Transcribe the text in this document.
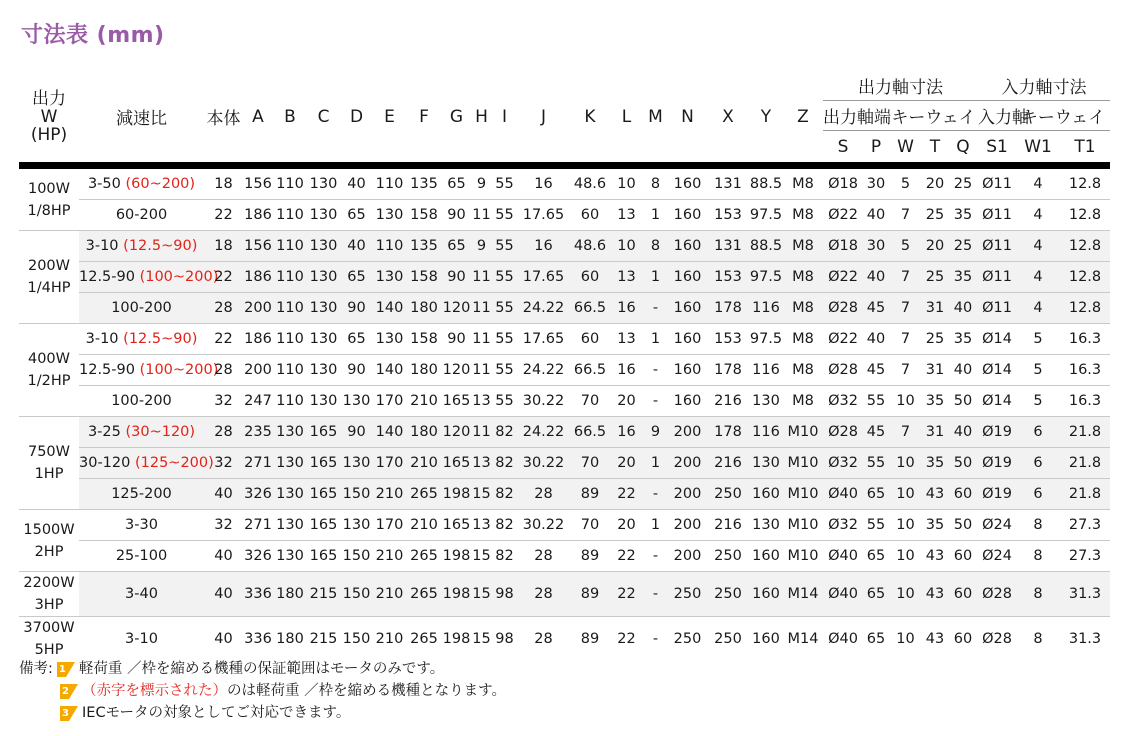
寸法表 (mm)
出力
W
(HP)	減速比	本体	A	B	C	D	E	F	G	H	I	J	K	L	M	N	X	Y	Z	出力軸寸法					入力軸寸法		
																				出力軸端		キーウェイ			入力軸	キーウェイ	
																				S	P	W	T	Q	S1	W1	T1

100W
1/8HP	3-50 (60~200)	18	156	110	130	40	110	135	65	9	55	16	48.6	10	8	160	131	88.5	M8	Ø18	30	5	20	25	Ø11	4	12.8
	60-200	22	186	110	130	65	130	158	90	11	55	17.65	60	13	1	160	153	97.5	M8	Ø22	40	7	25	35	Ø11	4	12.8

200W
1/4HP	3-10 (12.5~90)	18	156	110	130	40	110	135	65	9	55	16	48.6	10	8	160	131	88.5	M8	Ø18	30	5	20	25	Ø11	4	12.8
	12.5-90 (100~200)	22	186	110	130	65	130	158	90	11	55	17.65	60	13	1	160	153	97.5	M8	Ø22	40	7	25	35	Ø11	4	12.8
	100-200	28	200	110	130	90	140	180	120	11	55	24.22	66.5	16	-	160	178	116	M8	Ø28	45	7	31	40	Ø11	4	12.8

400W
1/2HP	3-10 (12.5~90)	22	186	110	130	65	130	158	90	11	55	17.65	60	13	1	160	153	97.5	M8	Ø22	40	7	25	35	Ø14	5	16.3
	12.5-90 (100~200)	28	200	110	130	90	140	180	120	11	55	24.22	66.5	16	-	160	178	116	M8	Ø28	45	7	31	40	Ø14	5	16.3
	100-200	32	247	110	130	130	170	210	165	13	55	30.22	70	20	-	160	216	130	M8	Ø32	55	10	35	50	Ø14	5	16.3

750W
1HP	3-25 (30~120)	28	235	130	165	90	140	180	120	11	82	24.22	66.5	16	9	200	178	116	M10	Ø28	45	7	31	40	Ø19	6	21.8
	30-120 (125~200)	32	271	130	165	130	170	210	165	13	82	30.22	70	20	1	200	216	130	M10	Ø32	55	10	35	50	Ø19	6	21.8
	125-200	40	326	130	165	150	210	265	198	15	82	28	89	22	-	200	250	160	M10	Ø40	65	10	43	60	Ø19	6	21.8

1500W
2HP	3-30	32	271	130	165	130	170	210	165	13	82	30.22	70	20	1	200	216	130	M10	Ø32	55	10	35	50	Ø24	8	27.3
	25-100	40	326	130	165	150	210	265	198	15	82	28	89	22	-	200	250	160	M10	Ø40	65	10	43	60	Ø24	8	27.3

2200W
3HP	3-40	40	336	180	215	150	210	265	198	15	98	28	89	22	-	250	250	160	M14	Ø40	65	10	43	60	Ø28	8	31.3

3700W
5HP	3-10	40	336	180	215	150	210	265	198	15	98	28	89	22	-	250	250	160	M14	Ø40	65	10	43	60	Ø28	8	31.3
備考: 1 軽荷重 ／枠を縮める機種の保証範囲はモータのみです。
2 （赤字を標示された） のは軽荷重 ／枠を縮める機種となります。
3 IECモータの対象としてご対応できます。
